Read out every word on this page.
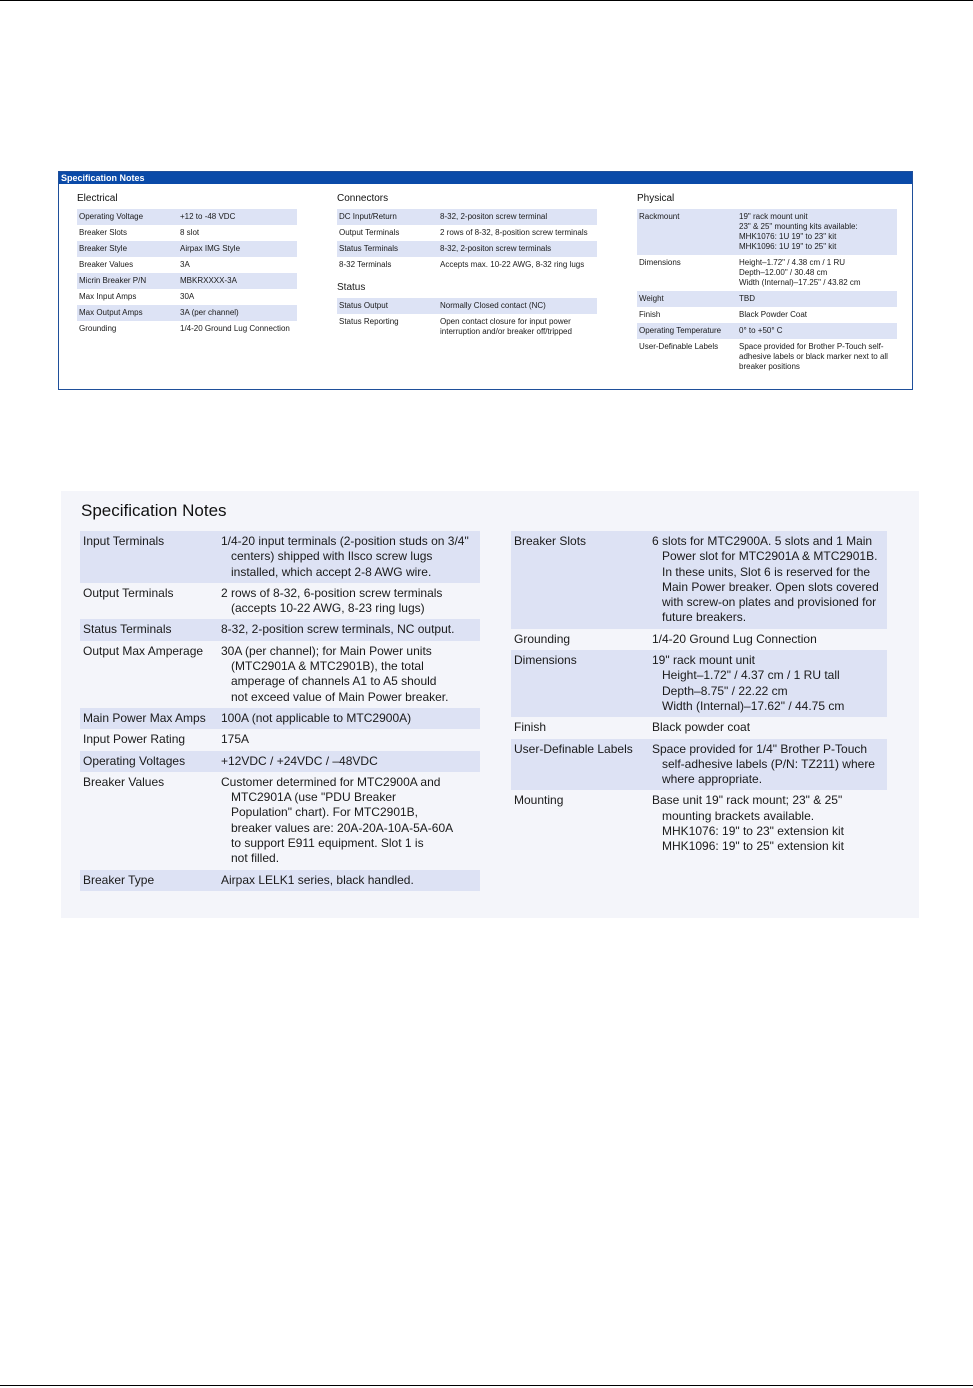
Specification Notes
Electrical
Operating Voltage	+12 to -48 VDC
Breaker Slots	8 slot
Breaker Style	Airpax IMG Style
Breaker Values	3A
Micrin Breaker P/N	MBKRXXXX-3A
Max Input Amps	30A
Max Output Amps	3A (per channel)
Grounding	1/4-20 Ground Lug Connection
Connectors
DC Input/Return	8-32, 2-positon screw terminal
Output Terminals	2 rows of 8-32, 8-position screw terminals
Status Terminals	8-32, 2-positon screw terminals
8-32 Terminals	Accepts max. 10-22 AWG, 8-32 ring lugs
Status
Status Output	Normally Closed contact (NC)
Status Reporting	Open contact closure for input power
interruption and/or breaker off/tripped
Physical
Rackmount	19" rack mount unit
23" & 25" mounting kits available:
MHK1076: 1U 19" to 23" kit
MHK1096: 1U 19" to 25" kit
Dimensions	Height–1.72" / 4.38 cm / 1 RU
Depth–12.00" / 30.48 cm
Width (Internal)–17.25" / 43.82 cm
Weight	TBD
Finish	Black Powder Coat
Operating Temperature	0° to +50° C
User-Definable Labels	Space provided for Brother P-Touch self-
adhesive labels or black marker next to all
breaker positions
Specification Notes
Input Terminals	1/4-20 input terminals (2-position studs on 3/4"
centers) shipped with Ilsco screw lugs
installed, which accept 2-8 AWG wire.
Output Terminals	2 rows of 8-32, 6-position screw terminals
(accepts 10-22 AWG, 8-23 ring lugs)
Status Terminals	8-32, 2-position screw terminals, NC output.
Output Max Amperage	30A (per channel); for Main Power units
(MTC2901A & MTC2901B), the total
amperage of channels A1 to A5 should
not exceed value of Main Power breaker.
Main Power Max Amps	100A (not applicable to MTC2900A)
Input Power Rating	175A
Operating Voltages	+12VDC / +24VDC / –48VDC
Breaker Values	Customer determined for MTC2900A and
MTC2901A (use "PDU Breaker
Population" chart). For MTC2901B,
breaker values are: 20A-20A-10A-5A-60A
to support E911 equipment. Slot 1 is
not filled.
Breaker Type	Airpax LELK1 series, black handled.
Breaker Slots	6 slots for MTC2900A. 5 slots and 1 Main
Power slot for MTC2901A & MTC2901B.
In these units, Slot 6 is reserved for the
Main Power breaker. Open slots covered
with screw-on plates and provisioned for
future breakers.
Grounding	1/4-20 Ground Lug Connection
Dimensions	19" rack mount unit
Height–1.72" / 4.37 cm / 1 RU tall
Depth–8.75" / 22.22 cm
Width (Internal)–17.62" / 44.75 cm
Finish	Black powder coat
User-Definable Labels	Space provided for 1/4" Brother P-Touch
self-adhesive labels (P/N: TZ211) where
where appropriate.
Mounting	Base unit 19" rack mount; 23" & 25"
mounting brackets available.
MHK1076: 19" to 23" extension kit
MHK1096: 19" to 25" extension kit
